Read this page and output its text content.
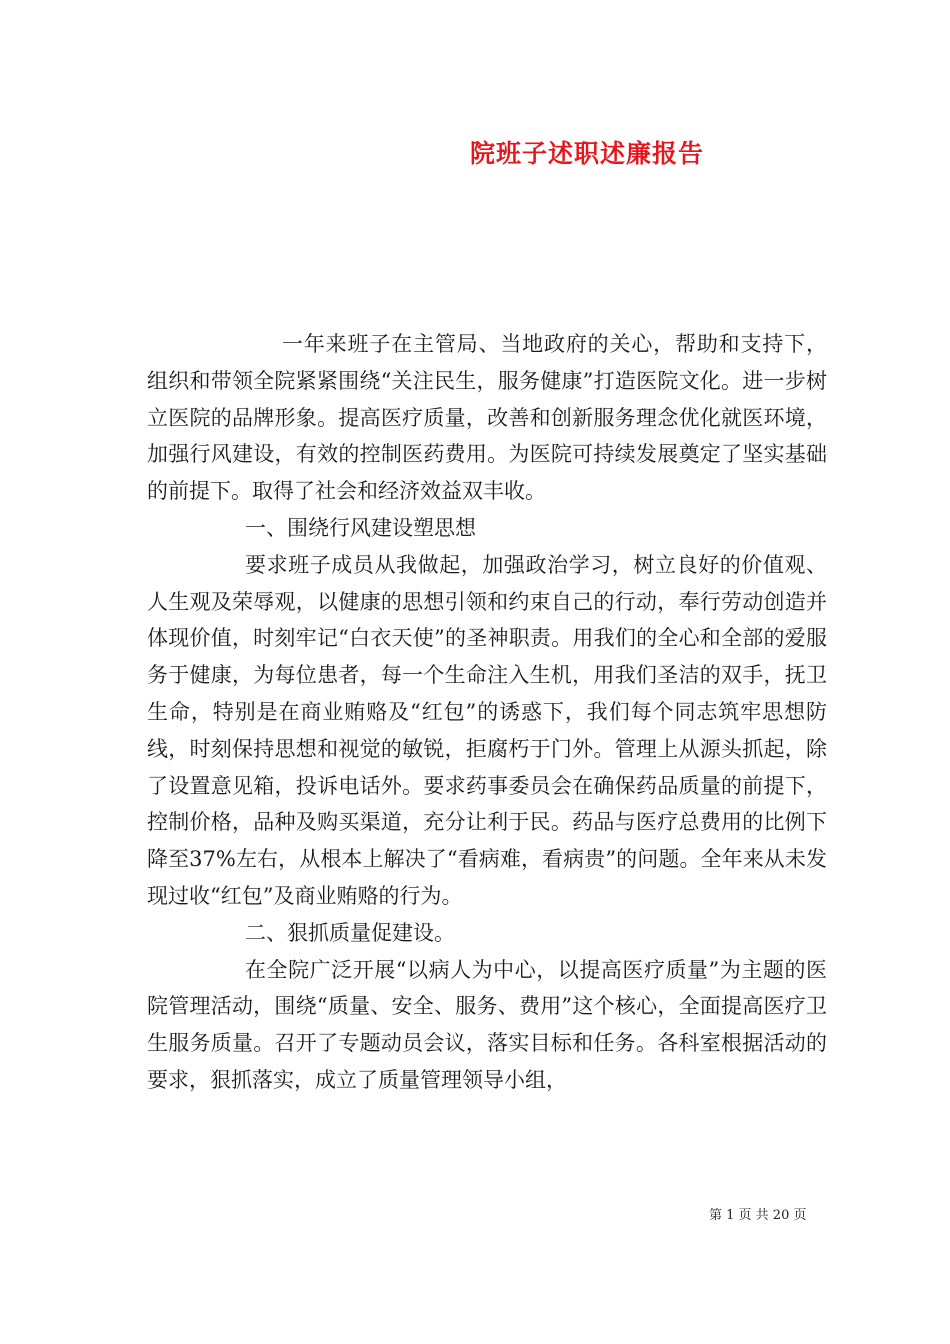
院班子述职述廉报告

一年来班子在主管局、当地政府的关心，帮助和支持下，组织和带领全院紧紧围绕“关注民生，服务健康”打造医院文化。进一步树立医院的品牌形象。提高医疗质量，改善和创新服务理念优化就医环境，加强行风建设，有效的控制医药费用。为医院可持续发展奠定了坚实基础的前提下。取得了社会和经济效益双丰收。

一、围绕行风建设塑思想

要求班子成员从我做起，加强政治学习，树立良好的价值观、人生观及荣辱观，以健康的思想引领和约束自己的行动，奉行劳动创造并体现价值，时刻牢记“白衣天使”的圣神职责。用我们的全心和全部的爱服务于健康，为每位患者，每一个生命注入生机，用我们圣洁的双手，抚卫生命，特别是在商业贿赂及“红包”的诱惑下，我们每个同志筑牢思想防线，时刻保持思想和视觉的敏锐，拒腐朽于门外。管理上从源头抓起，除了设置意见箱，投诉电话外。要求药事委员会在确保药品质量的前提下，控制价格，品种及购买渠道，充分让利于民。药品与医疗总费用的比例下降至37%左右，从根本上解决了“看病难，看病贵”的问题。全年来从未发现过收“红包”及商业贿赂的行为。

二、狠抓质量促建设。

在全院广泛开展“以病人为中心，以提高医疗质量”为主题的医院管理活动，围绕“质量、安全、服务、费用”这个核心，全面提高医疗卫生服务质量。召开了专题动员会议，落实目标和任务。各科室根据活动的要求，狠抓落实，成立了质量管理领导小组，

第 1 页 共 20 页
